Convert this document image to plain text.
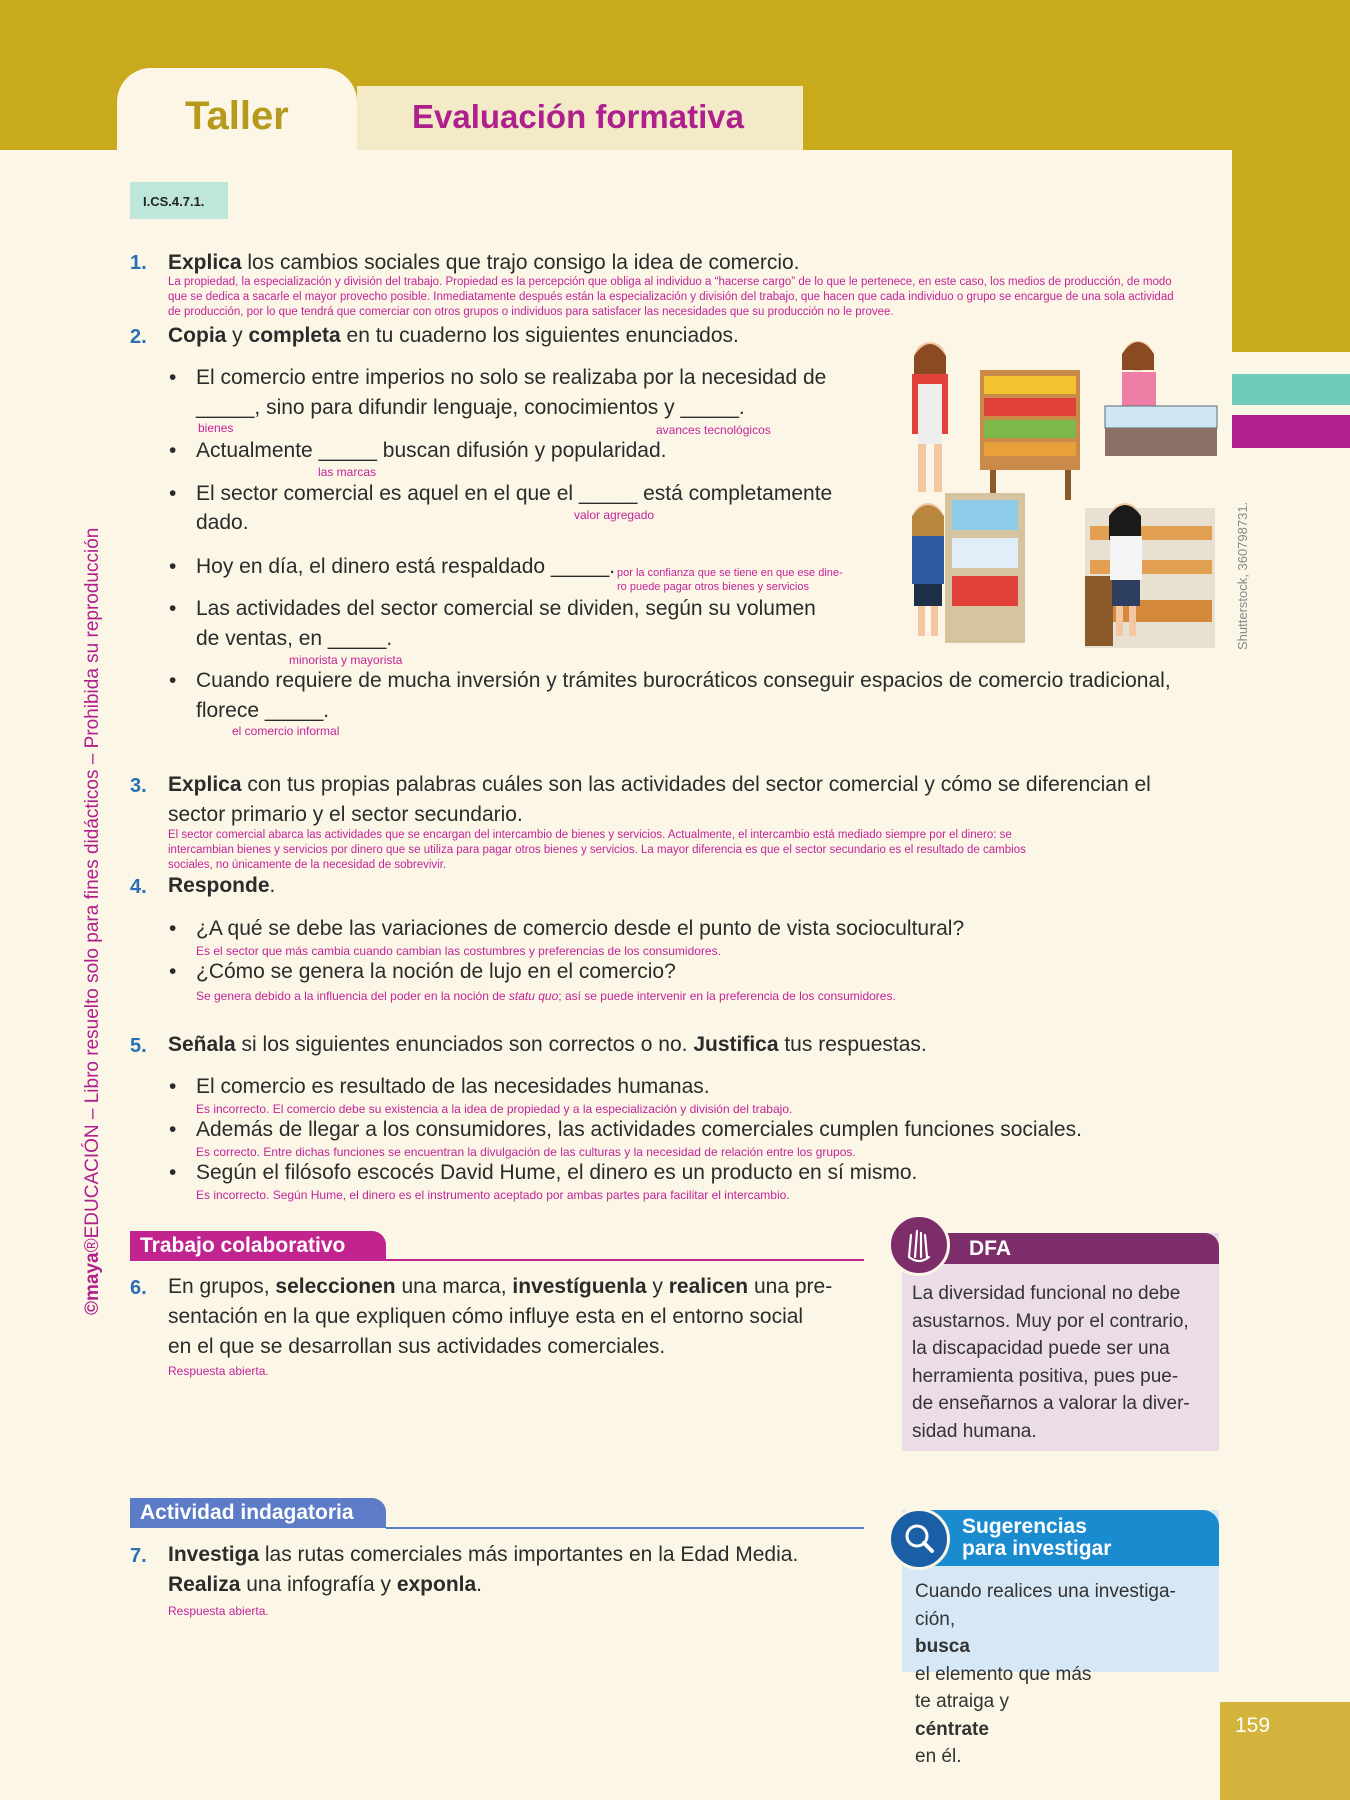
Taller	Evaluación formativa
I.CS.4.7.1.
©maya®EDUCACIÓN – Libro resuelto solo para fines didácticos – Prohibida su reproducción	Shutterstock, 360798731.
1. Explica los cambios sociales que trajo consigo la idea de comercio.
La propiedad, la especialización y división del trabajo. Propiedad es la percepción que obliga al individuo a “hacerse cargo” de lo que le pertenece, en este caso, los medios de producción, de modo
que se dedica a sacarle el mayor provecho posible. Inmediatamente después están la especialización y división del trabajo, que hacen que cada individuo o grupo se encargue de una sola actividad
de producción, por lo que tendrá que comerciar con otros grupos o individuos para satisfacer las necesidades que su producción no le provee.
2. Copia y completa en tu cuaderno los siguientes enunciados.
• El comercio entre imperios no solo se realizaba por la necesidad de
_____, sino para difundir lenguaje, conocimientos y _____.
bienes	avances tecnológicos
• Actualmente _____ buscan difusión y popularidad.
las marcas
• El sector comercial es aquel en el que el _____ está completamente
dado.	valor agregado
• Hoy en día, el dinero está respaldado _____. por la confianza que se tiene en que ese dine-
ro puede pagar otros bienes y servicios
• Las actividades del sector comercial se dividen, según su volumen
de ventas, en _____.
minorista y mayorista
• Cuando requiere de mucha inversión y trámites burocráticos conseguir espacios de comercio tradicional,
florece _____.
el comercio informal
3. Explica con tus propias palabras cuáles son las actividades del sector comercial y cómo se diferencian el
sector primario y el sector secundario.
El sector comercial abarca las actividades que se encargan del intercambio de bienes y servicios. Actualmente, el intercambio está mediado siempre por el dinero: se
intercambian bienes y servicios por dinero que se utiliza para pagar otros bienes y servicios. La mayor diferencia es que el sector secundario es el resultado de cambios
sociales, no únicamente de la necesidad de sobrevivir.
4. Responde.
• ¿A qué se debe las variaciones de comercio desde el punto de vista sociocultural?
Es el sector que más cambia cuando cambian las costumbres y preferencias de los consumidores.
• ¿Cómo se genera la noción de lujo en el comercio?
Se genera debido a la influencia del poder en la noción de statu quo; así se puede intervenir en la preferencia de los consumidores.
5. Señala si los siguientes enunciados son correctos o no. Justifica tus respuestas.
• El comercio es resultado de las necesidades humanas.
Es incorrecto. El comercio debe su existencia a la idea de propiedad y a la especialización y división del trabajo.
• Además de llegar a los consumidores, las actividades comerciales cumplen funciones sociales.
Es correcto. Entre dichas funciones se encuentran la divulgación de las culturas y la necesidad de relación entre los grupos.
• Según el filósofo escocés David Hume, el dinero es un producto en sí mismo.
Es incorrecto. Según Hume, el dinero es el instrumento aceptado por ambas partes para facilitar el intercambio.
Trabajo colaborativo
6. En grupos, seleccionen una marca, investíguenla y realicen una pre-
sentación en la que expliquen cómo influye esta en el entorno social
en el que se desarrollan sus actividades comerciales.
Respuesta abierta.
DFA
La diversidad funcional no debe
asustarnos. Muy por el contrario,
la discapacidad puede ser una
herramienta positiva, pues pue-
de enseñarnos a valorar la diver-
sidad humana.
Actividad indagatoria
7. Investiga las rutas comerciales más importantes en la Edad Media.
Realiza una infografía y exponla.
Respuesta abierta.
Sugerencias
para investigar
Cuando realices una investiga-
ción,
busca
el elemento que más
te atraiga y
céntrate
en él.
159
